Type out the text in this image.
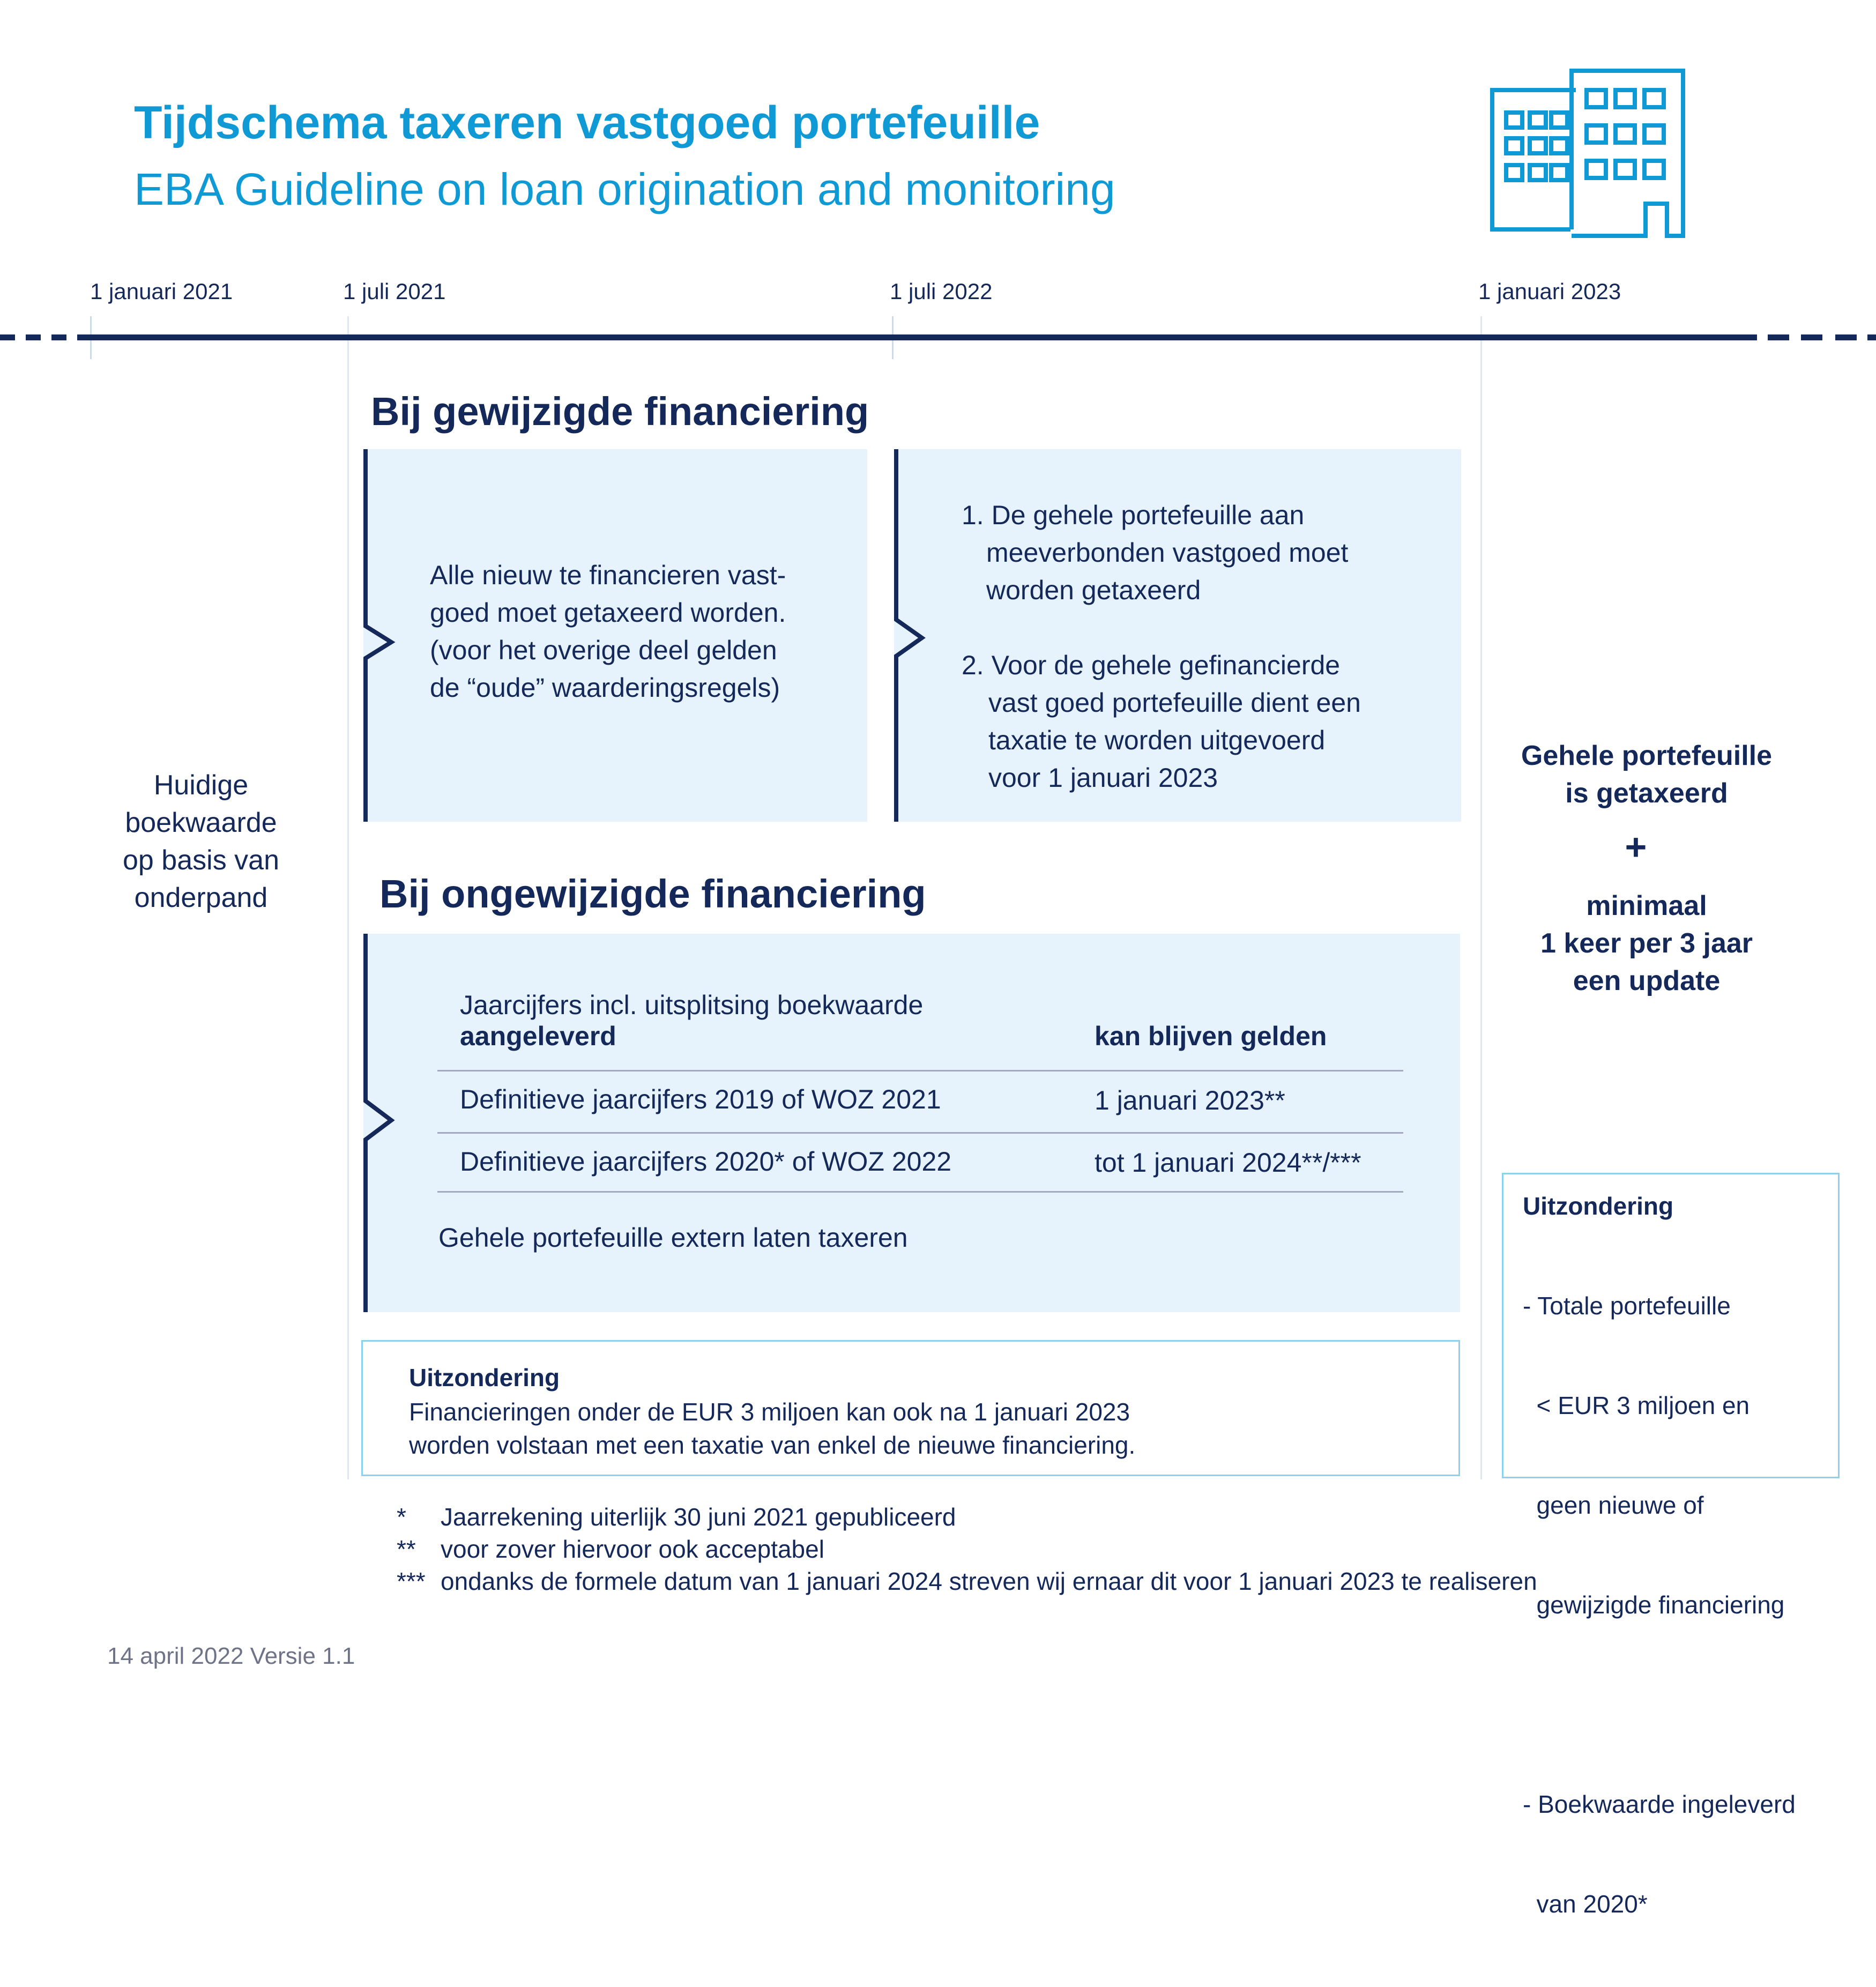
Tijdschema taxeren vastgoed portefeuille
EBA Guideline on loan origination and monitoring
1 januari 2021	1 juli 2021	1 juli 2022	1 januari 2023
Huidige
boekwaarde
op basis van
onderpand
Bij gewijzigde financiering
Alle nieuw te financieren vast-
goed moet getaxeerd worden.
(voor het overige deel gelden
de “oude” waarderingsregels)
1. De gehele portefeuille aan
meeverbonden vastgoed moet
worden getaxeerd
2. Voor de gehele gefinancierde
vast goed portefeuille dient een
taxatie te worden uitgevoerd
voor 1 januari 2023
Bij ongewijzigde financiering
Jaarcijfers incl. uitsplitsing boekwaarde
aangeleverd	kan blijven gelden
Definitieve jaarcijfers 2019 of WOZ 2021	1 januari 2023**
Definitieve jaarcijfers 2020* of WOZ 2022	tot 1 januari 2024**/***
Gehele portefeuille extern laten taxeren
Uitzondering
Financieringen onder de EUR 3 miljoen kan ook na 1 januari 2023
worden volstaan met een taxatie van enkel de nieuwe financiering.
Gehele portefeuille
is getaxeerd
+
minimaal
1 keer per 3 jaar
een update
Uitzondering

- Totale portefeuille

< EUR 3 miljoen en

geen nieuwe of

gewijzigde financiering

- Boekwaarde ingeleverd

van 2020*

* Jaarrekening uiterlijk 30 juni 2021 gepubliceerd
** voor zover hiervoor ook acceptabel
*** ondanks de formele datum van 1 januari 2024 streven wij ernaar dit voor 1 januari 2023 te realiseren
14 april 2022 Versie 1.1
